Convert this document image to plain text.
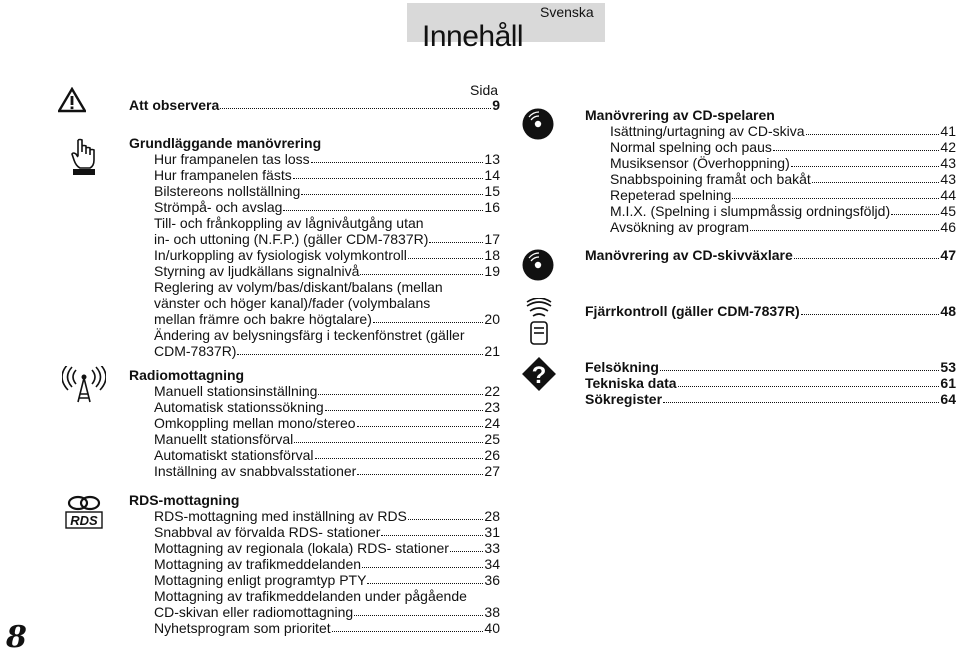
Svenska
Innehåll
Sida
8
RDS
?
Att observera	9
Grundläggande manövrering
Hur frampanelen tas loss	13
Hur frampanelen fästs	14
Bilstereons nollställning	15
Strömpå- och avslag	16
Till- och frånkoppling av lågnivåutgång utan
in- och uttoning (N.F.P.) (gäller CDM-7837R)	17
In/urkoppling av fysiologisk volymkontroll	18
Styrning av ljudkällans signalnivå	19
Reglering av volym/bas/diskant/balans (mellan
vänster och höger kanal)/fader (volymbalans
mellan främre och bakre högtalare)	20
Ändering av belysningsfärg i teckenfönstret (gäller
CDM-7837R)	21
Radiomottagning
Manuell stationsinställning	22
Automatisk stationssökning	23
Omkoppling mellan mono/stereo	24
Manuellt stationsförval	25
Automatiskt stationsförval	26
Inställning av snabbvalsstationer	27
RDS-mottagning
RDS-mottagning med inställning av RDS	28
Snabbval av förvalda RDS- stationer	31
Mottagning av regionala (lokala) RDS- stationer	33
Mottagning av trafikmeddelanden	34
Mottagning enligt programtyp PTY	36
Mottagning av trafikmeddelanden under pågående
CD-skivan eller radiomottagning	38
Nyhetsprogram som prioritet	40
Manövrering av CD-spelaren
Isättning/urtagning av CD-skiva	41
Normal spelning och paus	42
Musiksensor (Överhoppning)	43
Snabbspoining framåt och bakåt	43
Repeterad spelning	44
M.I.X. (Spelning i slumpmåssig ordningsföljd)	45
Avsökning av program	46
Manövrering av CD-skivväxlare	47
Fjärrkontroll (gäller CDM-7837R)	48
Felsökning	53
Tekniska data	61
Sökregister	64
